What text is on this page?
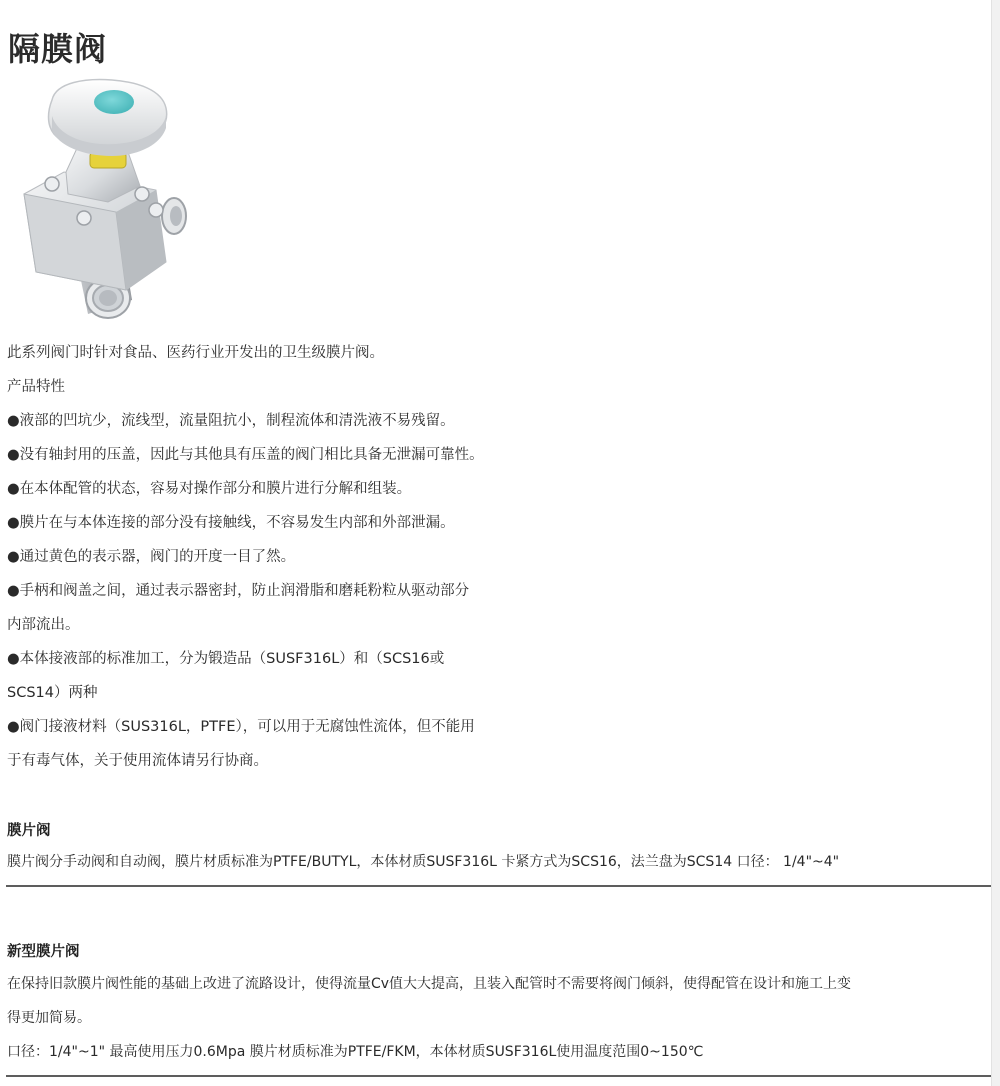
隔膜阀

此系列阀门时针对食品、医药行业开发出的卫生级膜片阀。

产品特性

●液部的凹坑少，流线型，流量阻抗小，制程流体和清洗液不易残留。

●没有轴封用的压盖，因此与其他具有压盖的阀门相比具备无泄漏可靠性。

●在本体配管的状态，容易对操作部分和膜片进行分解和组装。

●膜片在与本体连接的部分没有接触线，不容易发生内部和外部泄漏。

●通过黄色的表示器，阀门的开度一目了然。

●手柄和阀盖之间，通过表示器密封，防止润滑脂和磨耗粉粒从驱动部分

内部流出。

●本体接液部的标准加工，分为锻造品（SUSF316L）和（SCS16或

SCS14）两种

●阀门接液材料（SUS316L，PTFE），可以用于无腐蚀性流体，但不能用

于有毒气体，关于使用流体请另行协商。

膜片阀

膜片阀分手动阀和自动阀，膜片材质标准为PTFE/BUTYL，本体材质SUSF316L 卡紧方式为SCS16，法兰盘为SCS14 口径： 1/4"~4"

新型膜片阀

在保持旧款膜片阀性能的基础上改进了流路设计，使得流量Cv值大大提高，且装入配管时不需要将阀门倾斜，使得配管在设计和施工上变

得更加简易。

口径：1/4"~1" 最高使用压力0.6Mpa 膜片材质标准为PTFE/FKM，本体材质SUSF316L使用温度范围0~150℃
